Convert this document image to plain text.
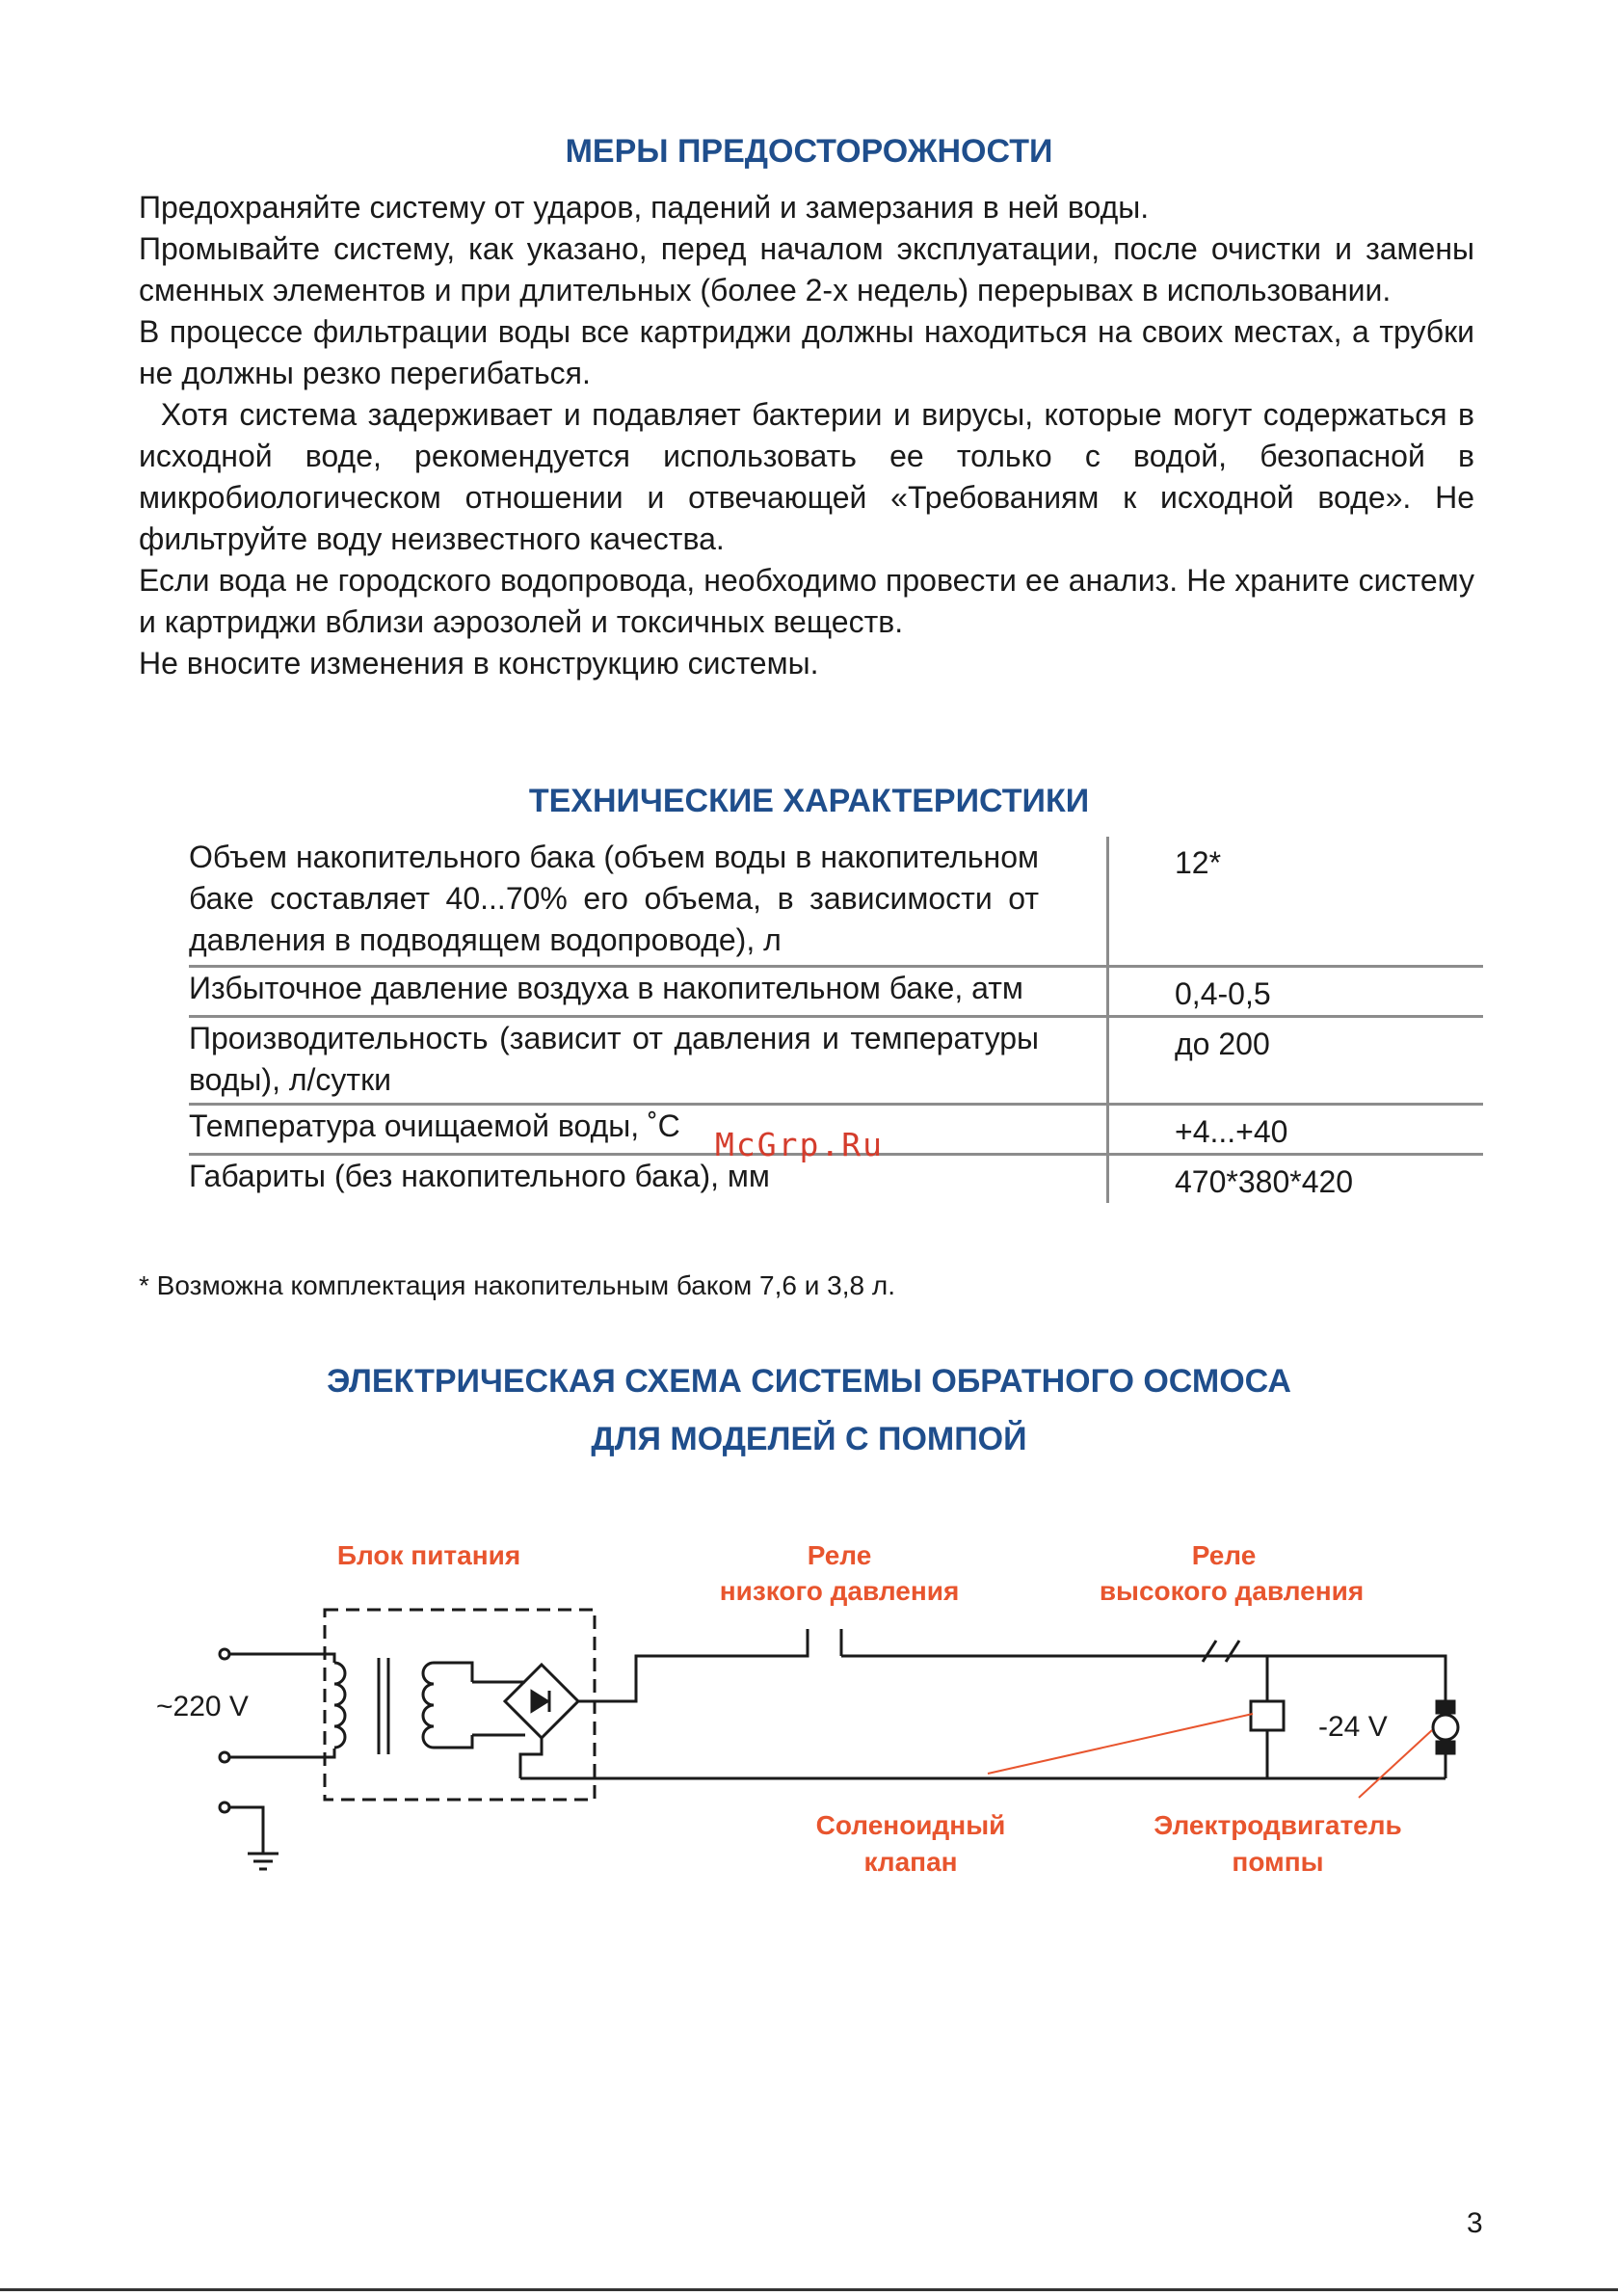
МЕРЫ ПРЕДОСТОРОЖНОСТИ

Предохраняйте систему от ударов, падений и замерзания в ней воды.

Промывайте систему, как указано, перед началом эксплуатации, после очистки и замены сменных элементов и при длительных (более 2-х недель) перерывах в использовании.

В процессе фильтрации воды все картриджи должны находиться на своих местах, а трубки не должны резко перегибаться.

Хотя система задерживает и подавляет бактерии и вирусы, которые могут содержаться в исходной воде, рекомендуется использовать ее только с водой, безопасной в микробиологическом отношении и отвечающей «Требованиям к исходной воде». Не фильтруйте воду неизвестного качества.

Если вода не городского водопровода, необходимо провести ее анализ. Не храните систему и картриджи вблизи аэрозолей и токсичных веществ.

Не вносите изменения в конструкцию системы.

ТЕХНИЧЕСКИЕ ХАРАКТЕРИСТИКИ
Объем накопительного бака (объем воды в накопительном баке составляет 40...70% его объема, в зависимости от давления в подводящем водопроводе), л	12*
Избыточное давление воздуха в накопительном баке, атм	0,4-0,5
Производительность (зависит от давления и температуры воды), л/сутки	до 200
Температура очищаемой воды, ˚С	+4...+40
Габариты (без накопительного бака), мм	470*380*420
McGrp.Ru

* Возможна комплектация накопительным баком 7,6 и 3,8 л.

ЭЛЕКТРИЧЕСКАЯ СХЕМА СИСТЕМЫ ОБРАТНОГО ОСМОСА
ДЛЯ МОДЕЛЕЙ С ПОМПОЙ
Блок питания	Реле
низкого давления
Реле
высокого давления
Соленоидный
клапан
Электродвигатель
помпы
~220 V
-24 V
3
